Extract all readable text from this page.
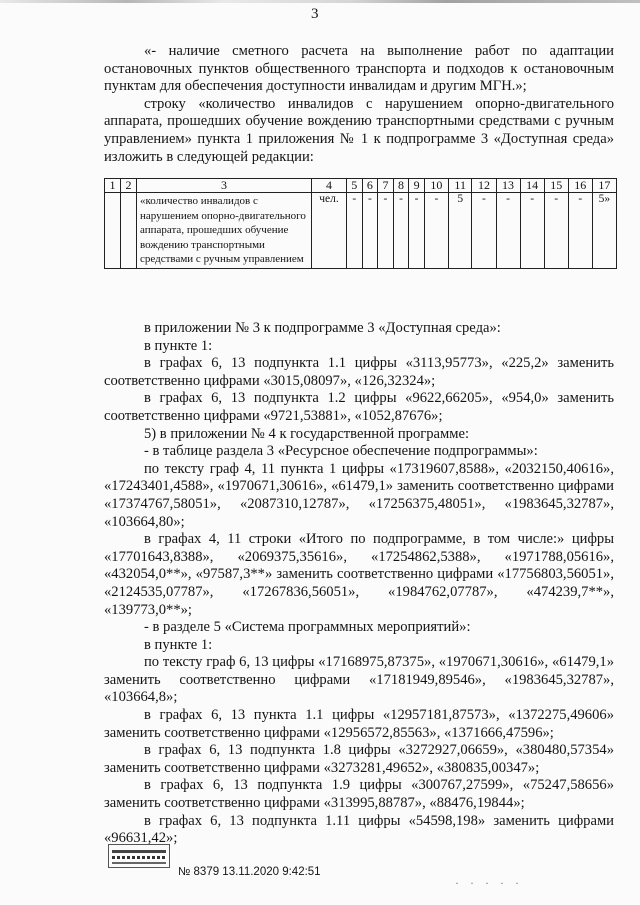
3

«- наличие сметного расчета на выполнение работ по адаптации остановочных пунктов общественного транспорта и подходов к остановочным пунктам для обеспечения доступности инвалидам и другим МГН.»;

строку «количество инвалидов с нарушением опорно-двигательного аппарата, прошедших обучение вождению транспортными средствами с ручным управлением» пункта 1 приложения № 1 к подпрограмме 3 «Доступная среда» изложить в следующей редакции:

1	2	3	4	5	6	7	8	9	10	11	12	13	14	15	16	17
		«количество инвалидов с нарушением опорно-двигательного аппарата, прошедших обучение вождению транспортными средствами с ручным управлением	чел.	-	-	-	-	-	-	5	-	-	-	-	-	5»

в приложении № 3 к подпрограмме 3 «Доступная среда»:

в пункте 1:

в графах 6, 13 подпункта 1.1 цифры «3113,95773», «225,2» заменить соответственно цифрами «3015,08097», «126,32324»;

в графах 6, 13 подпункта 1.2 цифры «9622,66205», «954,0» заменить соответственно цифрами «9721,53881», «1052,87676»;

5) в приложении № 4 к государственной программе:

- в таблице раздела 3 «Ресурсное обеспечение подпрограммы»:

по тексту граф 4, 11 пункта 1 цифры «17319607,8588», «2032150,40616», «17243401,4588», «1970671,30616», «61479,1» заменить соответственно цифрами «17374767,58051», «2087310,12787», «17256375,48051», «1983645,32787», «103664,80»;

в графах 4, 11 строки «Итого по подпрограмме, в том числе:» цифры «17701643,8388», «2069375,35616», «17254862,5388», «1971788,05616», «432054,0**», «97587,3**» заменить соответственно цифрами «17756803,56051», «2124535,07787», «17267836,56051», «1984762,07787», «474239,7**», «139773,0**»;

- в разделе 5 «Система программных мероприятий»:

в пункте 1:

по тексту граф 6, 13 цифры «17168975,87375», «1970671,30616», «61479,1» заменить соответственно цифрами «17181949,89546», «1983645,32787», «103664,8»;

в графах 6, 13 пункта 1.1 цифры «12957181,87573», «1372275,49606» заменить соответственно цифрами «12956572,85563», «1371666,47596»;

в графах 6, 13 подпункта 1.8 цифры «3272927,06659», «380480,57354» заменить соответственно цифрами «3273281,49652», «380835,00347»;

в графах 6, 13 подпункта 1.9 цифры «300767,27599», «75247,58656» заменить соответственно цифрами «313995,88787», «88476,19844»;

в графах 6, 13 подпункта 1.11 цифры «54598,198» заменить цифрами «96631,42»;

№ 8379 13.11.2020 9:42:51
· · · · ·
